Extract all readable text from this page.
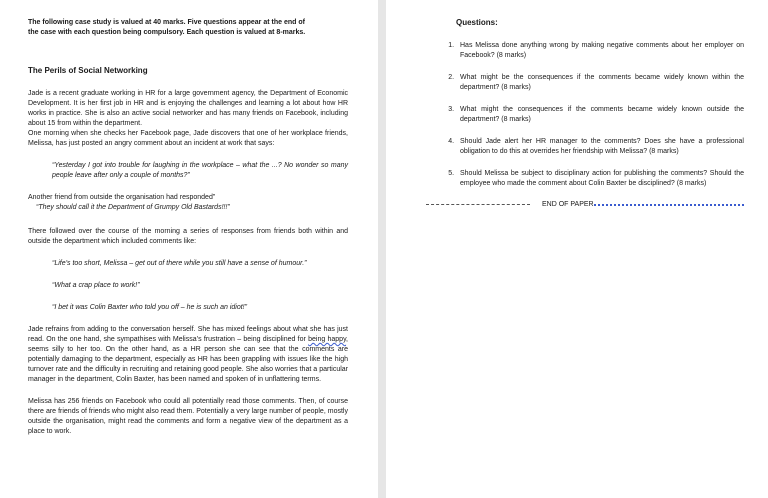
The following case study is valued at 40 marks. Five questions appear at the end of
the case with each question being compulsory. Each question is valued at 8-marks.
The Perils of Social Networking

Jade is a recent graduate working in HR for a large government agency, the Department of Economic Development. It is her first job in HR and is enjoying the challenges and learning a lot about how HR works in practice. She is also an active social networker and has many friends on Facebook, including about 15 from within the department.

One morning when she checks her Facebook page, Jade discovers that one of her workplace friends, Melissa, has just posted an angry comment about an incident at work that says:

“Yesterday I got into trouble for laughing in the workplace – what the ...? No wonder so many people leave after only a couple of months?”

Another friend from outside the organisation had responded”

“They should call it the Department of Grumpy Old Bastards!!!”

There followed over the course of the morning a series of responses from friends both within and outside the department which included comments like:

“Life’s too short, Melissa – get out of there while you still have a sense of humour.”

“What a crap place to work!”

“I bet it was Colin Baxter who told you off – he is such an idiot!”

Jade refrains from adding to the conversation herself. She has mixed feelings about what she has just read. On the one hand, she sympathises with Melissa’s frustration – being disciplined for being happy, seems silly to her too. On the other hand, as a HR person she can see that the comments are potentially damaging to the department, especially as HR has been grappling with issues like the high turnover rate and the difficulty in recruiting and retaining good people. She also worries that a particular manager in the department, Colin Baxter, has been named and spoken of in unflattering terms.

Melissa has 256 friends on Facebook who could all potentially read those comments. Then, of course there are friends of friends who might also read them. Potentially a very large number of people, mostly outside the organisation, might read the comments and form a negative view of the department as a place to work.

Questions:
1. Has Melissa done anything wrong by making negative comments about her employer on Facebook? (8 marks)
2. What might be the consequences if the comments became widely known within the department? (8 marks)
3. What might the consequences if the comments became widely known outside the department? (8 marks)
4. Should Jade alert her HR manager to the comments? Does she have a professional obligation to do this at overrides her friendship with Melissa? (8 marks)
5. Should Melissa be subject to disciplinary action for publishing the comments? Should the employee who made the comment about Colin Baxter be disciplined? (8 marks)
END OF PAPER
